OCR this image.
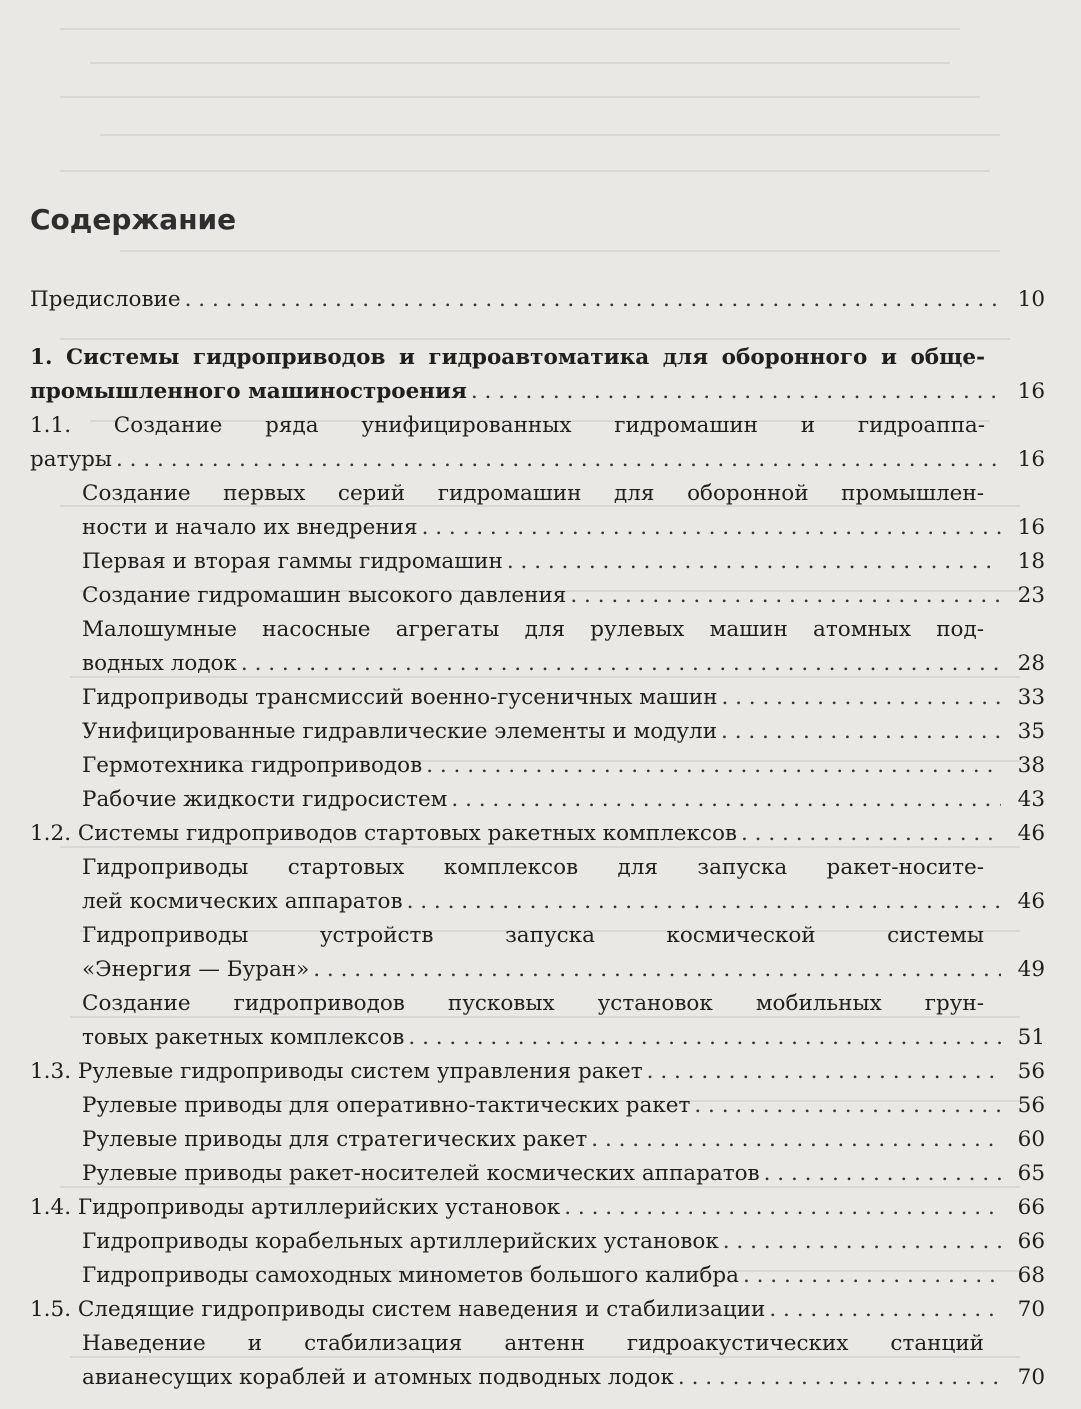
Содержание
Предисловие . . .	10
1. Системы гидроприводов и гидроавтоматика для оборонного и обще-
промышленного машиностроения . . .	16
1.1. Создание ряда унифицированных гидромашин и гидроаппа-
ратуры . . .	16
Создание первых серий гидромашин для оборонной промышлен-
ности и начало их внедрения . . .	16
Первая и вторая гаммы гидромашин . . .	18
Создание гидромашин высокого давления . . .	23
Малошумные насосные агрегаты для рулевых машин атомных под-
водных лодок . . .	28
Гидроприводы трансмиссий военно-гусеничных машин . . .	33
Унифицированные гидравлические элементы и модули . . .	35
Гермотехника гидроприводов . . .	38
Рабочие жидкости гидросистем . . .	43
1.2. Системы гидроприводов стартовых ракетных комплексов . . .	46
Гидроприводы стартовых комплексов для запуска ракет-носите-
лей космических аппаратов . . .	46
Гидроприводы устройств запуска космической системы
«Энергия — Буран» . . .	49
Создание гидроприводов пусковых установок мобильных грун-
товых ракетных комплексов . . .	51
1.3. Рулевые гидроприводы систем управления ракет . . .	56
Рулевые приводы для оперативно-тактических ракет . . .	56
Рулевые приводы для стратегических ракет . . .	60
Рулевые приводы ракет-носителей космических аппаратов . . .	65
1.4. Гидроприводы артиллерийских установок . . .	66
Гидроприводы корабельных артиллерийских установок . . .	66
Гидроприводы самоходных минометов большого калибра . . .	68
1.5. Следящие гидроприводы систем наведения и стабилизации . . .	70
Наведение и стабилизация антенн гидроакустических станций
авианесущих кораблей и атомных подводных лодок . . .	70
